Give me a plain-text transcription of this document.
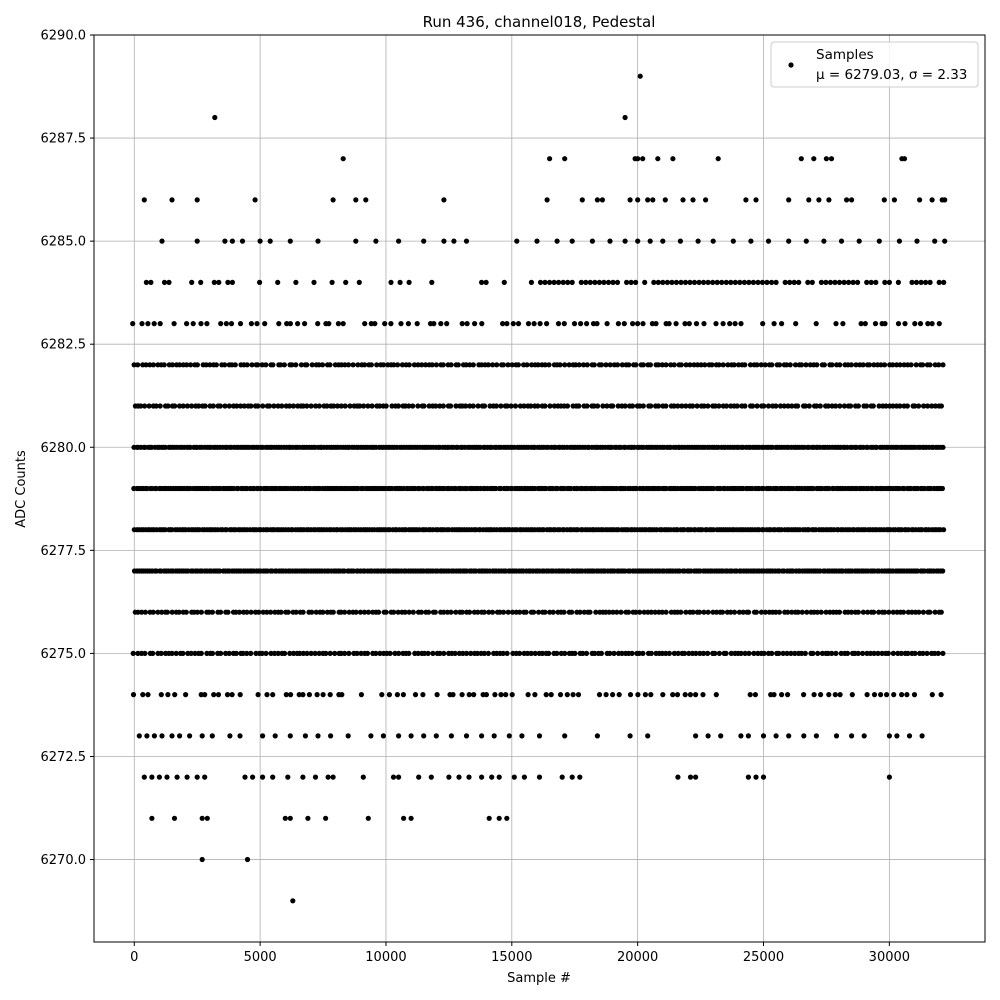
0	5000	10000	15000	20000	25000	30000
6270.0
6272.5
6275.0
6277.5
6280.0
6282.5
6285.0
6287.5
6290.0
Run 436, channel018, Pedestal
Sample #
ADC Counts
Samples
μ = 6279.03, σ = 2.33
